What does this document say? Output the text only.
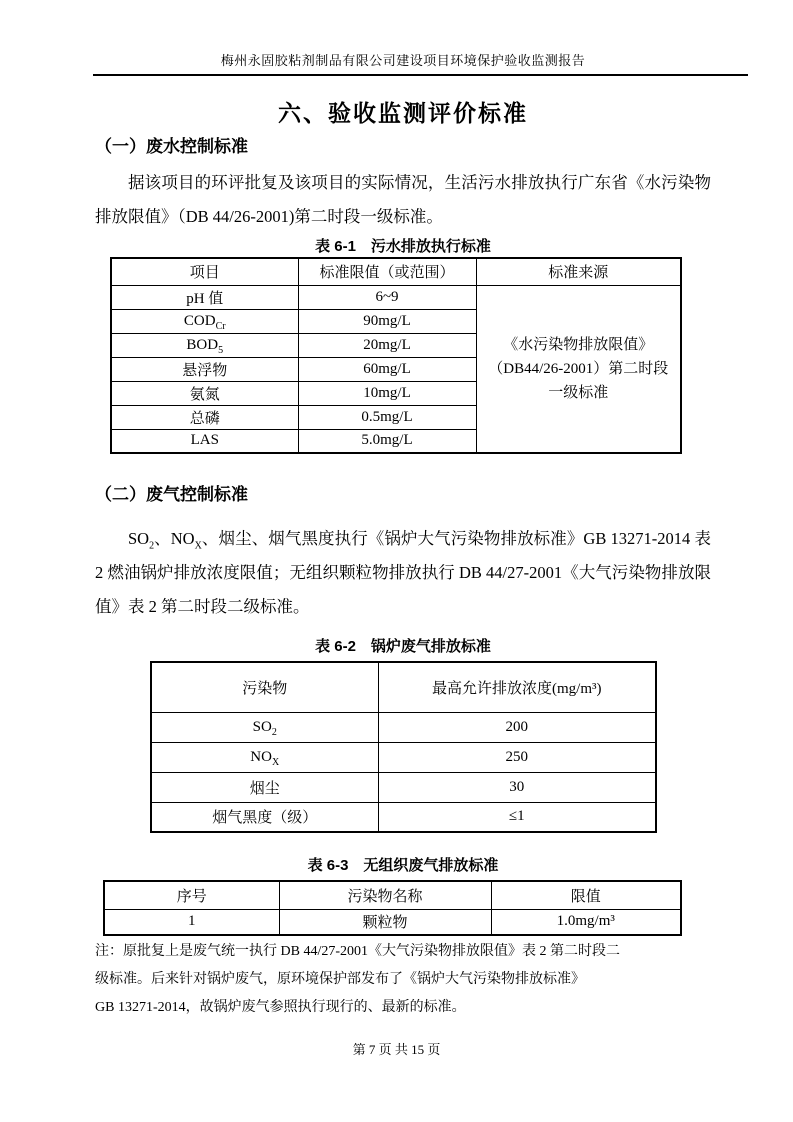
梅州永固胶粘剂制品有限公司建设项目环境保护验收监测报告
六、验收监测评价标准
（一）废水控制标准

据该项目的环评批复及该项目的实际情况，生活污水排放执行广东省《水污染物排放限值》（DB 44/26-2001)第二时段一级标准。

表 6-1　污水排放执行标准
项目	标准限值（或范围）	标准来源
pH 值	6~9	《水污染物排放限值》
（DB44/26-2001）第二时段
一级标准

$COD_{Cr}$	90mg/L	
$BOD_5$	20mg/L	
悬浮物	60mg/L	
氨氮	10mg/L	
总磷	0.5mg/L	
LAS	5.0mg/L	
（二）废气控制标准

$SO_2$、$NO_X$、烟尘、烟气黑度执行《锅炉大气污染物排放标准》GB 13271-2014 表 2 燃油锅炉排放浓度限值；无组织颗粒物排放执行 DB 44/27-2001《大气污染物排放限值》表 2 第二时段二级标准。

表 6-2　锅炉废气排放标准
污染物	最高允许排放浓度(mg/m³)
$SO_2$	200
$NO_X$	250
烟尘	30
烟气黑度（级）	≤1
表 6-3　无组织废气排放标准
序号	污染物名称	限值
1	颗粒物	1.0mg/m³
注：原批复上是废气统一执行 DB 44/27-2001《大气污染物排放限值》表 2 第二时段二
级标准。后来针对锅炉废气，原环境保护部发布了《锅炉大气污染物排放标准》
GB 13271-2014，故锅炉废气参照执行现行的、最新的标准。
第 7 页 共 15 页
